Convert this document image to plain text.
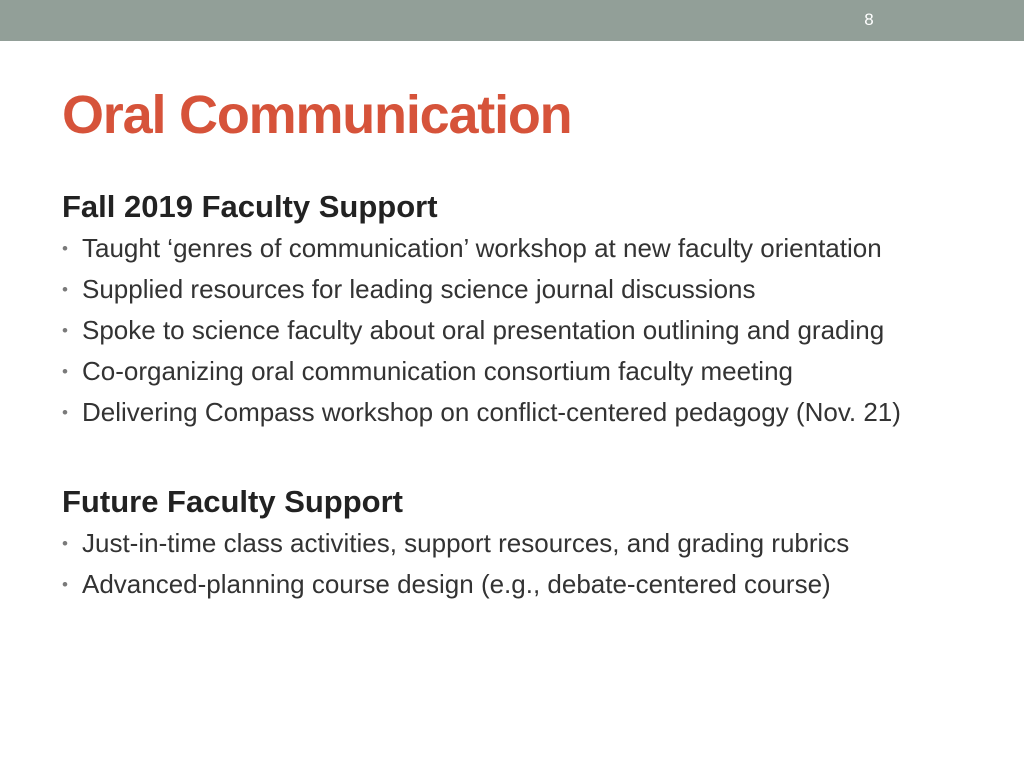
8
Oral Communication
Fall 2019 Faculty Support
• Taught ‘genres of communication’ workshop at new faculty orientation
• Supplied resources for leading science journal discussions
• Spoke to science faculty about oral presentation outlining and grading
• Co-organizing oral communication consortium faculty meeting
• Delivering Compass workshop on conflict-centered pedagogy (Nov. 21)
Future Faculty Support
• Just-in-time class activities, support resources, and grading rubrics
• Advanced-planning course design (e.g., debate-centered course)
